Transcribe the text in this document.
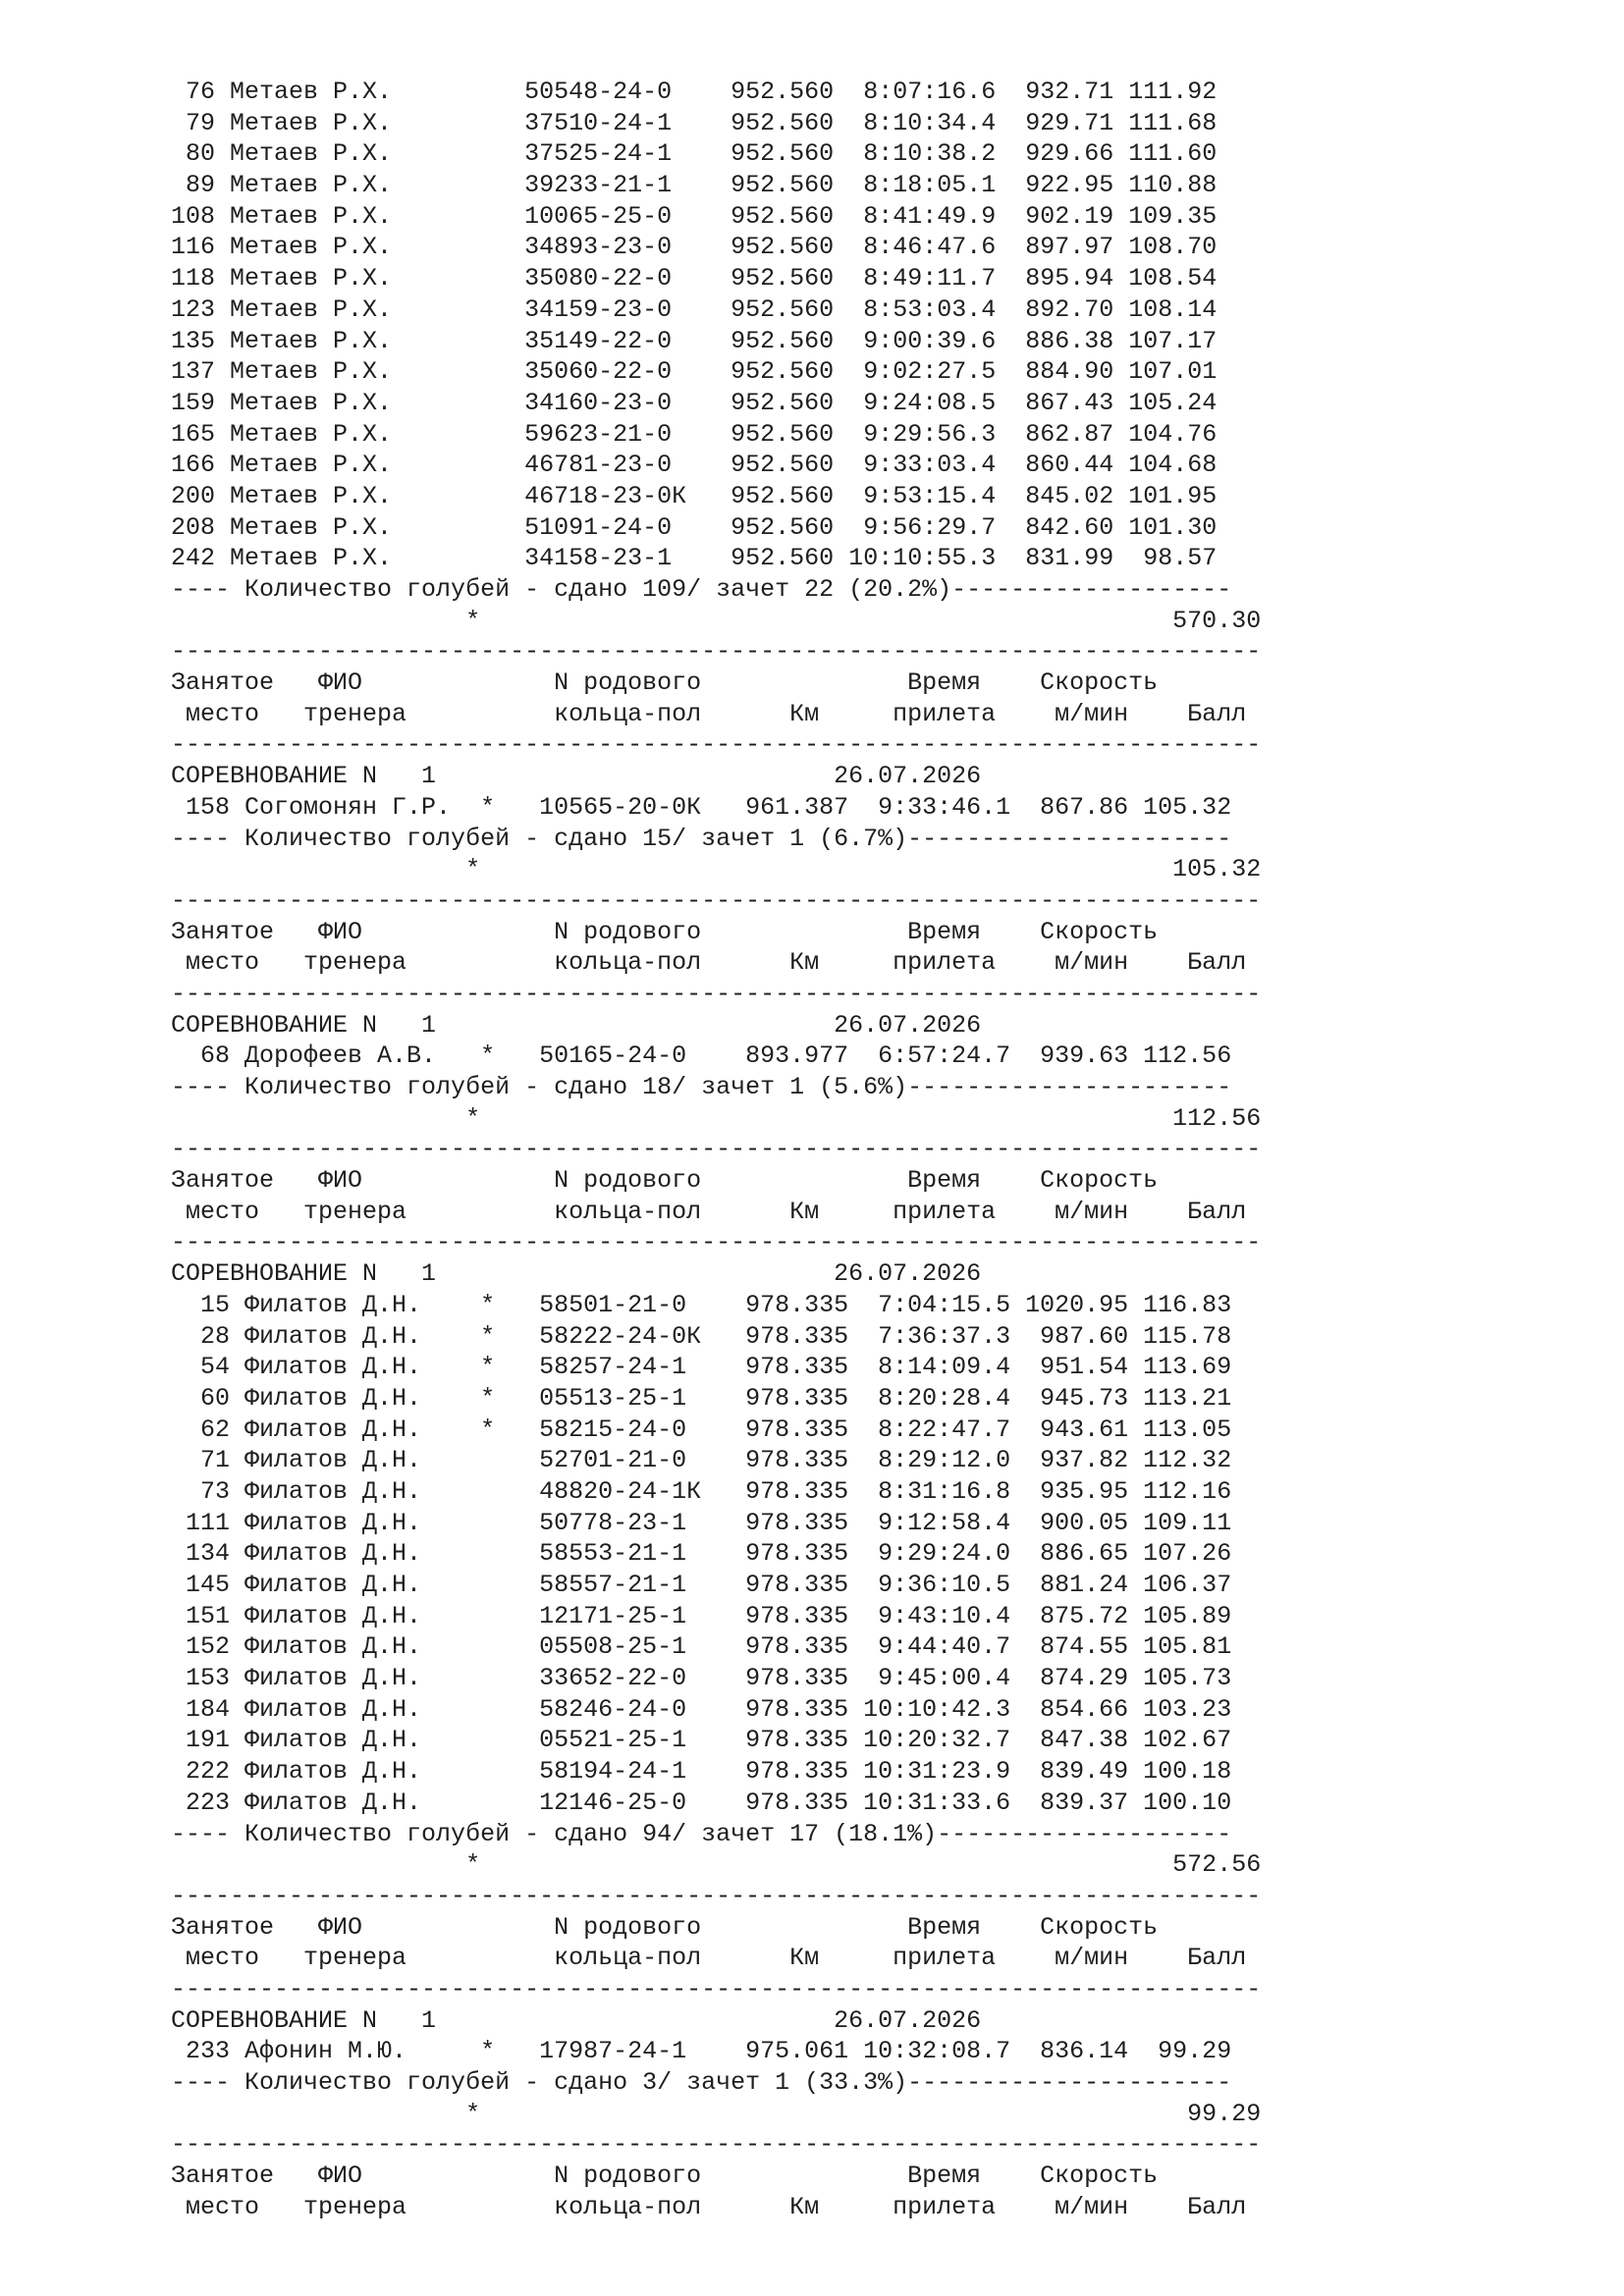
76 Метаев Р.Х.	50548-24-0 952.560 8:07:16.6 932.71 111.92
79 Метаев Р.Х.	37510-24-1 952.560 8:10:34.4 929.71 111.68
80 Метаев Р.Х.	37525-24-1 952.560 8:10:38.2 929.66 111.60
89 Метаев Р.Х.	39233-21-1 952.560 8:18:05.1 922.95 110.88
108 Метаев Р.Х.	10065-25-0 952.560 8:41:49.9 902.19 109.35
116 Метаев Р.Х.	34893-23-0 952.560 8:46:47.6 897.97 108.70
118 Метаев Р.Х.	35080-22-0 952.560 8:49:11.7 895.94 108.54
123 Метаев Р.Х.	34159-23-0 952.560 8:53:03.4 892.70 108.14
135 Метаев Р.Х.	35149-22-0 952.560 9:00:39.6 886.38 107.17
137 Метаев Р.Х.	35060-22-0 952.560 9:02:27.5 884.90 107.01
159 Метаев Р.Х.	34160-23-0 952.560 9:24:08.5 867.43 105.24
165 Метаев Р.Х.	59623-21-0 952.560 9:29:56.3 862.87 104.76
166 Метаев Р.Х.	46781-23-0 952.560 9:33:03.4 860.44 104.68
200 Метаев Р.Х.	46718-23-0К 952.560 9:53:15.4 845.02 101.95
208 Метаев Р.Х.	51091-24-0 952.560 9:56:29.7 842.60 101.30
242 Метаев Р.Х.	34158-23-1 952.560 10:10:55.3 831.99 98.57
---- Количество голубей - сдано 109/ зачет 22 (20.2%)-------------------
*                                               570.30
--------------------------------------------------------------------------
Занятое   ФИО             N родового              Время    Скорость
место   тренера          кольца-пол      Км     прилета    м/мин    Балл
--------------------------------------------------------------------------
СОРЕВНОВАНИЕ N   1                           26.07.2026
158 Согомонян Г.Р.  *   10565-20-0К   961.387  9:33:46.1  867.86 105.32
---- Количество голубей - сдано 15/ зачет 1 (6.7%)----------------------
*                                               105.32
--------------------------------------------------------------------------
Занятое   ФИО             N родового              Время    Скорость
место   тренера          кольца-пол      Км     прилета    м/мин    Балл
--------------------------------------------------------------------------
СОРЕВНОВАНИЕ N   1                           26.07.2026
68 Дорофеев А.В.   *   50165-24-0    893.977  6:57:24.7  939.63 112.56
---- Количество голубей - сдано 18/ зачет 1 (5.6%)----------------------
*                                               112.56
--------------------------------------------------------------------------
Занятое   ФИО             N родового              Время    Скорость
место   тренера          кольца-пол      Км     прилета    м/мин    Балл
--------------------------------------------------------------------------
СОРЕВНОВАНИЕ N   1                           26.07.2026
15 Филатов Д.Н.    *   58501-21-0    978.335  7:04:15.5 1020.95 116.83
28 Филатов Д.Н.    *   58222-24-0К   978.335  7:36:37.3  987.60 115.78
54 Филатов Д.Н.    *   58257-24-1    978.335  8:14:09.4  951.54 113.69
60 Филатов Д.Н.    *   05513-25-1    978.335  8:20:28.4  945.73 113.21
62 Филатов Д.Н.    *   58215-24-0    978.335  8:22:47.7  943.61 113.05
71 Филатов Д.Н.        52701-21-0    978.335  8:29:12.0  937.82 112.32
73 Филатов Д.Н.        48820-24-1К   978.335  8:31:16.8  935.95 112.16
111 Филатов Д.Н.        50778-23-1    978.335  9:12:58.4  900.05 109.11
134 Филатов Д.Н.        58553-21-1    978.335  9:29:24.0  886.65 107.26
145 Филатов Д.Н.        58557-21-1    978.335  9:36:10.5  881.24 106.37
151 Филатов Д.Н.        12171-25-1    978.335  9:43:10.4  875.72 105.89
152 Филатов Д.Н.        05508-25-1    978.335  9:44:40.7  874.55 105.81
153 Филатов Д.Н.        33652-22-0    978.335  9:45:00.4  874.29 105.73
184 Филатов Д.Н.        58246-24-0    978.335 10:10:42.3  854.66 103.23
191 Филатов Д.Н.        05521-25-1    978.335 10:20:32.7  847.38 102.67
222 Филатов Д.Н.        58194-24-1    978.335 10:31:23.9  839.49 100.18
223 Филатов Д.Н.        12146-25-0    978.335 10:31:33.6  839.37 100.10
---- Количество голубей - сдано 94/ зачет 17 (18.1%)--------------------
*                                               572.56
--------------------------------------------------------------------------
Занятое   ФИО             N родового              Время    Скорость
место   тренера          кольца-пол      Км     прилета    м/мин    Балл
--------------------------------------------------------------------------
СОРЕВНОВАНИЕ N   1                           26.07.2026
233 Афонин М.Ю.     *   17987-24-1    975.061 10:32:08.7  836.14  99.29
---- Количество голубей - сдано 3/ зачет 1 (33.3%)----------------------
*                                                99.29
--------------------------------------------------------------------------
Занятое   ФИО             N родового              Время    Скорость
место   тренера          кольца-пол      Км     прилета    м/мин    Балл
